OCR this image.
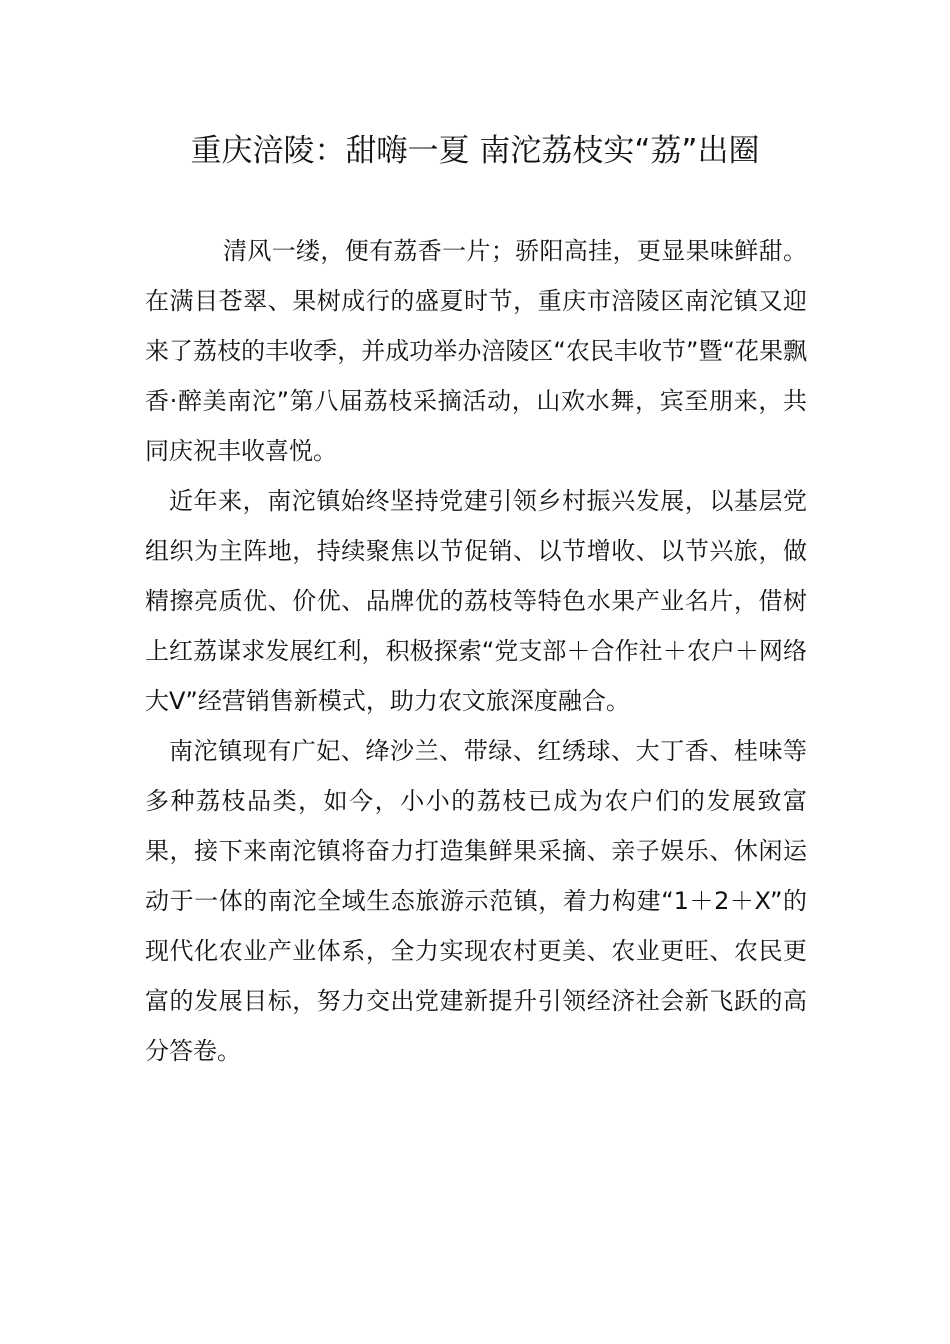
重庆涪陵：甜嗨一夏 南沱荔枝实“荔”出圈

清风一缕，便有荔香一片；骄阳高挂，更显果味鲜甜。在满目苍翠、果树成行的盛夏时节，重庆市涪陵区南沱镇又迎来了荔枝的丰收季，并成功举办涪陵区“农民丰收节”暨“花果飘香·醉美南沱”第八届荔枝采摘活动，山欢水舞，宾至朋来，共同庆祝丰收喜悦。

近年来，南沱镇始终坚持党建引领乡村振兴发展，以基层党组织为主阵地，持续聚焦以节促销、以节增收、以节兴旅，做精擦亮质优、价优、品牌优的荔枝等特色水果产业名片，借树上红荔谋求发展红利，积极探索“党支部＋合作社＋农户＋网络大V”经营销售新模式，助力农文旅深度融合。

南沱镇现有广妃、绛沙兰、带绿、红绣球、大丁香、桂味等多种荔枝品类，如今，小小的荔枝已成为农户们的发展致富果，接下来南沱镇将奋力打造集鲜果采摘、亲子娱乐、休闲运动于一体的南沱全域生态旅游示范镇，着力构建“1＋2＋X”的现代化农业产业体系，全力实现农村更美、农业更旺、农民更富的发展目标，努力交出党建新提升引领经济社会新飞跃的高分答卷。
